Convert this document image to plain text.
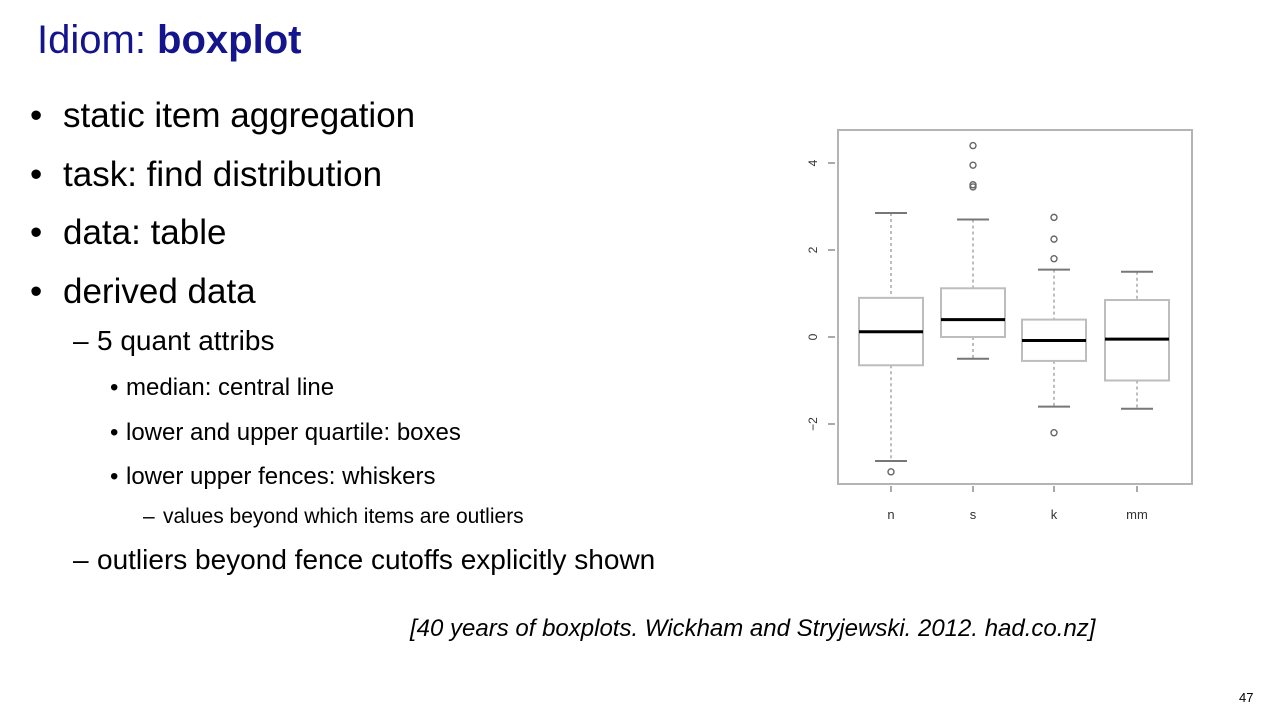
Idiom: boxplot
• static item aggregation
• task: find distribution
• data: table
• derived data
– 5 quant attribs
• median: central line
• lower and upper quartile: boxes
• lower upper fences: whiskers
– values beyond which items are outliers
– outliers beyond fence cutoffs explicitly shown
−2
0
2
4
n	s	k	mm
[40 years of boxplots. Wickham and Stryjewski. 2012. had.co.nz]
47
